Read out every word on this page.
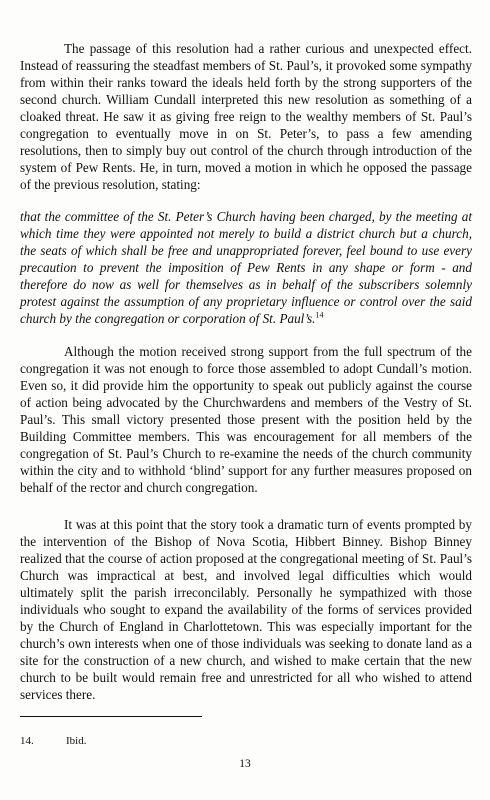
The passage of this resolution had a rather curious and unexpected effect. Instead of reassuring the steadfast members of St. Paul’s, it provoked some sympathy from within their ranks toward the ideals held forth by the strong supporters of the second church. William Cundall interpreted this new resolution as something of a cloaked threat. He saw it as giving free reign to the wealthy members of St. Paul’s congregation to eventually move in on St. Peter’s, to pass a few amending resolutions, then to simply buy out control of the church through introduction of the system of Pew Rents. He, in turn, moved a motion in which he opposed the passage of the previous resolution, stating:

that the committee of the St. Peter’s Church having been charged, by the meeting at which time they were appointed not merely to build a district church but a church, the seats of which shall be free and unappropriated forever, feel bound to use every precaution to prevent the imposition of Pew Rents in any shape or form - and therefore do now as well for themselves as in behalf of the subscribers solemnly protest against the assumption of any proprietary influence or control over the said church by the congregation or corporation of St. Paul’s.$^{14}$

Although the motion received strong support from the full spectrum of the congregation it was not enough to force those assembled to adopt Cundall’s motion. Even so, it did provide him the opportunity to speak out publicly against the course of action being advocated by the Churchwardens and members of the Vestry of St. Paul’s. This small victory presented those present with the position held by the Building Committee members. This was encouragement for all members of the congregation of St. Paul’s Church to re-examine the needs of the church community within the city and to withhold ‘blind’ support for any further measures proposed on behalf of the rector and church congregation.

It was at this point that the story took a dramatic turn of events prompted by the intervention of the Bishop of Nova Scotia, Hibbert Binney. Bishop Binney realized that the course of action proposed at the congregational meeting of St. Paul’s Church was impractical at best, and involved legal difficulties which would ultimately split the parish irreconcilably. Personally he sympathized with those individuals who sought to expand the availability of the forms of services provided by the Church of England in Charlottetown. This was especially important for the church’s own interests when one of those individuals was seeking to donate land as a site for the construction of a new church, and wished to make certain that the new church to be built would remain free and unrestricted for all who wished to attend services there.

14.	Ibid.
13
